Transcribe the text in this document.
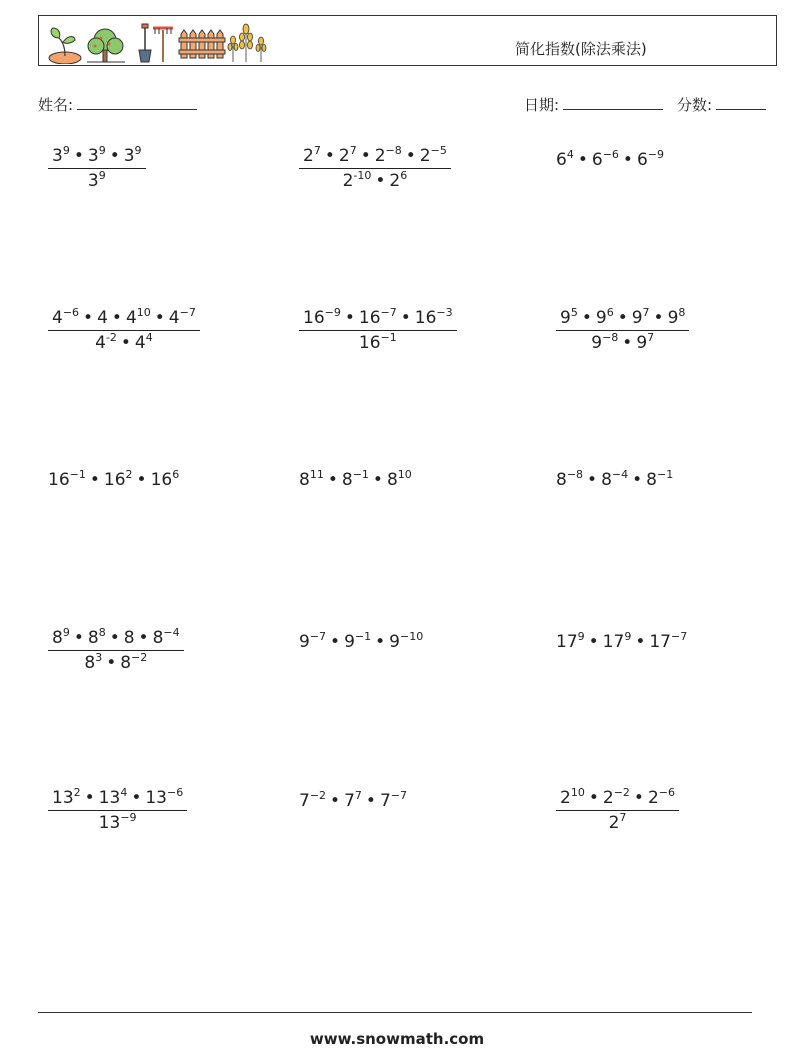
简化指数(除法乘法)
姓名:	日期:	分数:
$\frac{3^9 • 3^9 • 3^9}{3^9}$	$\frac{2^7 • 2^7 • 2^{-8} • 2^{-5}}{2^{-10} • 2^6}$	$6^4$ • $6^{-6}$ • $6^{-9}$
$\frac{4^{-6} • 4 • 4^{10} • 4^{-7}}{4^{-2} • 4^4}$	$\frac{16^{-9} • 16^{-7} • 16^{-3}}{16^{-1}}$	$\frac{9^5 • 9^6 • 9^7 • 9^8}{9^{-8} • 9^7}$
$16^{-1}$ • $16^2$ • $16^6$	$8^{11}$ • $8^{-1}$ • $8^{10}$	$8^{-8}$ • $8^{-4}$ • $8^{-1}$
$\frac{8^9 • 8^8 • 8 • 8^{-4}}{8^3 • 8^{-2}}$	$9^{-7}$ • $9^{-1}$ • $9^{-10}$	$17^9$ • $17^9$ • $17^{-7}$
$\frac{13^2 • 13^4 • 13^{-6}}{13^{-9}}$	$7^{-2}$ • $7^7$ • $7^{-7}$	$\frac{2^{10} • 2^{-2} • 2^{-6}}{2^7}$
www.snowmath.com
